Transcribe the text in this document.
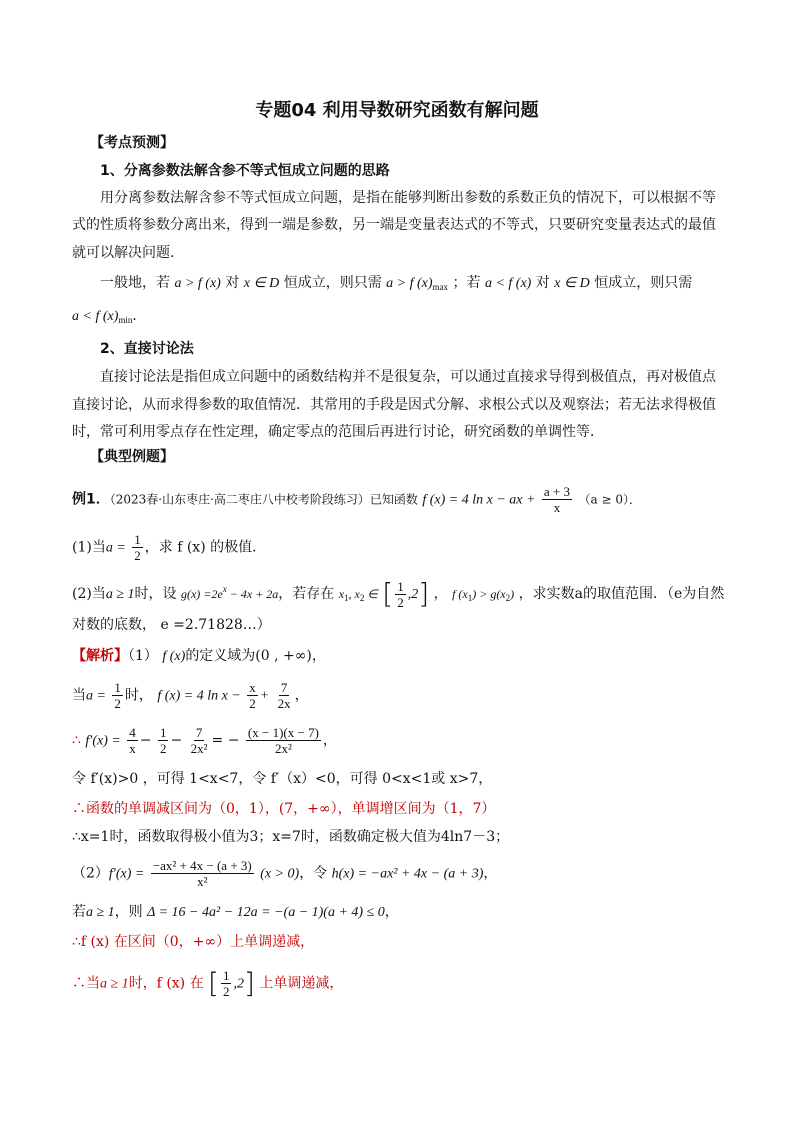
专题04 利用导数研究函数有解问题
【考点预测】
1、分离参数法解含参不等式恒成立问题的思路
用分离参数法解含参不等式恒成立问题，是指在能够判断出参数的系数正负的情况下，可以根据不等
式的性质将参数分离出来，得到一端是参数，另一端是变量表达式的不等式，只要研究变量表达式的最值
就可以解决问题．
一般地，若 a > f (x) 对 x ∈ D 恒成立，则只需 a > f $(x)_{max}$ ；若 a < f (x) 对 x ∈ D 恒成立，则只需
a < f $(x)_{min}$．
2、直接讨论法
直接讨论法是指但成立问题中的函数结构并不是很复杂，可以通过直接求导得到极值点，再对极值点
直接讨论，从而求得参数的取值情况．其常用的手段是因式分解、求根公式以及观察法；若无法求得极值
时，常可利用零点存在性定理，确定零点的范围后再进行讨论，研究函数的单调性等．
【典型例题】
例1．（2023春·山东枣庄·高二枣庄八中校考阶段练习）已知函数 f (x) = 4 ln x − ax + $\frac{a + 3}{x} (a \ge 0)$．
(1)当$a = \frac{1}{2}$ ，求 f (x) 的极值．
(2)当a ≥ 1时，设 $g(x) =2e^x - 4x + 2a$，若存在 $x_1$, $x_2$ ∈ [ $\frac{1}{2} ,2$] ， f $(x_1) > g(x_2)$ ，求实数a的取值范围．（e为自然
对数的底数， e =2.71828…）
【解析】（1） f (x)的定义域为(0 , +∞)，
当$a = \frac{1}{2}$ 时， f (x) = 4 $\ln x - \frac{x}{2} + \frac{7}{2x}$ ，
∴ $f'(x) = \frac{4}{x} - \frac{1}{2} - \frac{7}{\text{2x²}}$ = − $\frac{(x - 1)(x - 7)}{\text{2x²}}$ ，
令 f′(x)>0 ，可得 1<x<7，令 f′（x）<0，可得 0<x<1或 x>7，
∴函数的单调减区间为（0，1），(7，+∞），单调增区间为（1，7）
∴x=1时，函数取得极小值为3；x=7时，函数确定极大值为4ln7－3；
$(2)f'(x) = \frac{\text{−ax² + 4x − (a + 3)}}{\text{x²}} (x > 0)$，令 h(x) = −ax² + 4x − (a + 3)，
若a ≥ 1，则 Δ = 16 − 4a² − 12a = −(a − 1)(a + 4) ≤ 0，
∴f (x) 在区间（0，+∞）上单调递减，
∴当a ≥ 1时，f (x) 在 [ $\frac{1}{2} ,2$] 上单调递减，
